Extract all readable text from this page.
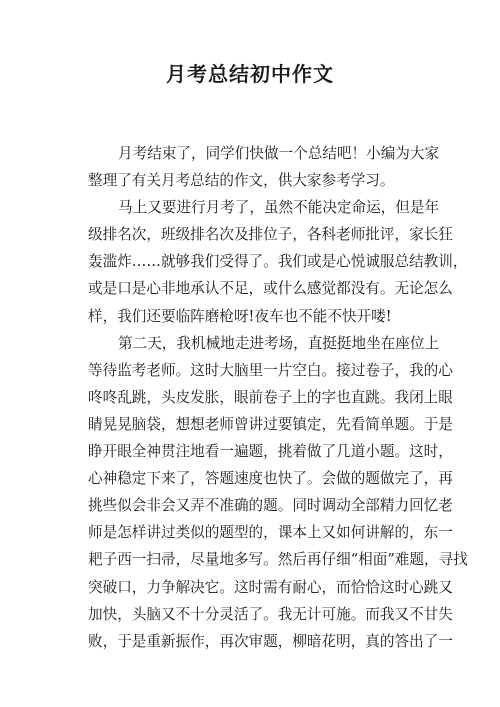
月考总结初中作文
月考结束了，同学们快做一个总结吧！小编为大家
整理了有关月考总结的作文，供大家参考学习。
马上又要进行月考了，虽然不能决定命运，但是年
级排名次，班级排名次及排位子，各科老师批评，家长狂
轰滥炸……就够我们受得了。我们或是心悦诚服总结教训，
或是口是心非地承认不足，或什么感觉都没有。无论怎么
样，我们还要临阵磨枪呀!夜车也不能不快开喽!
第二天，我机械地走进考场，直挺挺地坐在座位上
等待监考老师。这时大脑里一片空白。接过卷子，我的心
咚咚乱跳，头皮发胀，眼前卷子上的字也直跳。我闭上眼
睛晃晃脑袋，想想老师曾讲过要镇定，先看简单题。于是
睁开眼全神贯注地看一遍题，挑着做了几道小题。这时，
心神稳定下来了，答题速度也快了。会做的题做完了，再
挑些似会非会又弄不准确的题。同时调动全部精力回忆老
师是怎样讲过类似的题型的，课本上又如何讲解的，东一
耙子西一扫帚，尽量地多写。然后再仔细“相面”难题，寻找
突破口，力争解决它。这时需有耐心，而恰恰这时心跳又
加快，头脑又不十分灵活了。我无计可施。而我又不甘失
败，于是重新振作，再次审题，柳暗花明，真的答出了一
